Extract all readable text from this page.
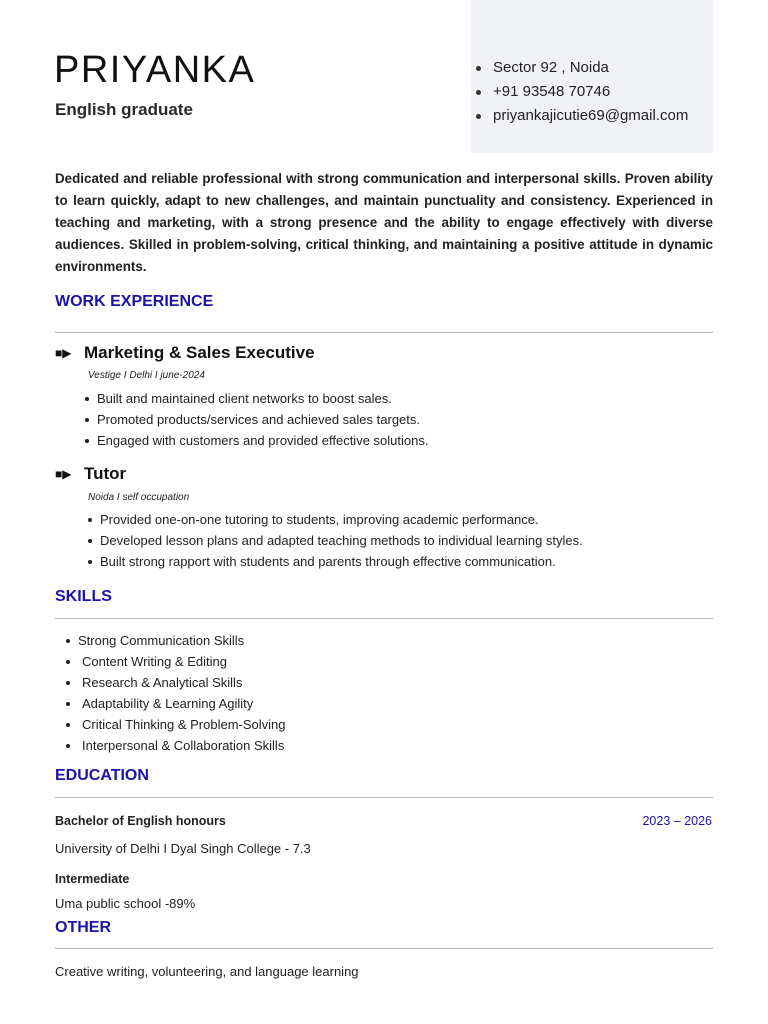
PRIYANKA
English graduate
Sector 92 , Noida
+91 93548 70746
priyankajicutie69@gmail.com

Dedicated and reliable professional with strong communication and interpersonal skills. Proven ability to learn quickly, adapt to new challenges, and maintain punctuality and consistency. Experienced in teaching and marketing, with a strong presence and the ability to engage effectively with diverse audiences. Skilled in problem-solving, critical thinking, and maintaining a positive attitude in dynamic environments.

WORK EXPERIENCE
■▶ Marketing & Sales Executive
Vestige I Delhi I june-2024
Built and maintained client networks to boost sales.
Promoted products/services and achieved sales targets.
Engaged with customers and provided effective solutions.
■▶ Tutor
Noida I self occupation
Provided one-on-one tutoring to students, improving academic performance.
Developed lesson plans and adapted teaching methods to individual learning styles.
Built strong rapport with students and parents through effective communication.
SKILLS
Strong Communication Skills
Content Writing & Editing
Research & Analytical Skills
Adaptability & Learning Agility
Critical Thinking & Problem-Solving
Interpersonal & Collaboration Skills
EDUCATION
Bachelor of English honours	2023 – 2026
University of Delhi I Dyal Singh College - 7.3
Intermediate
Uma public school -89%
OTHER
Creative writing, volunteering, and language learning
